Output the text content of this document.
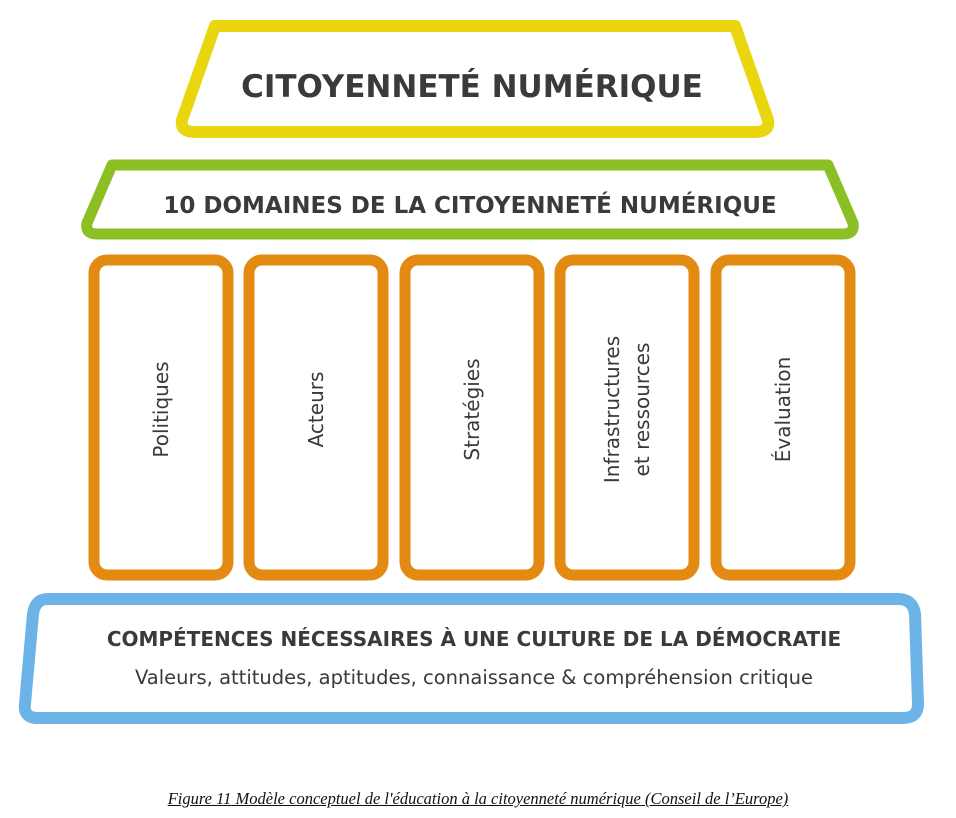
CITOYENNETÉ NUMÉRIQUE
10 DOMAINES DE LA CITOYENNETÉ NUMÉRIQUE
Politiques	Acteurs	Stratégies	Infrastructures et ressources	Évaluation
COMPÉTENCES NÉCESSAIRES À UNE CULTURE DE LA DÉMOCRATIE
Valeurs, attitudes, aptitudes, connaissance & compréhension critique
Figure 11 Modèle conceptuel de l'éducation à la citoyenneté numérique (Conseil de l’Europe)
